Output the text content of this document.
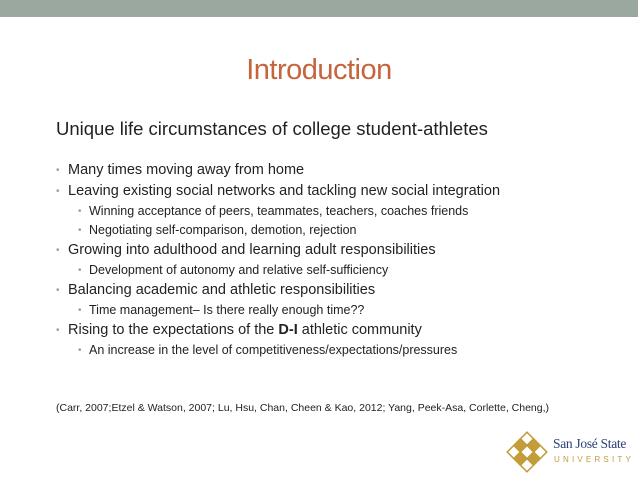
Introduction
Unique life circumstances of college student-athletes
• Many times moving away from home
• Leaving existing social networks and tackling new social integration
• Winning acceptance of peers, teammates, teachers, coaches friends
• Negotiating self-comparison, demotion, rejection
• Growing into adulthood and learning adult responsibilities
• Development of autonomy and relative self-sufficiency
• Balancing academic and athletic responsibilities
• Time management– Is there really enough time??
• Rising to the expectations of the D-I athletic community
• An increase in the level of competitiveness/expectations/pressures
(Carr, 2007;Etzel & Watson, 2007; Lu, Hsu, Chan, Cheen & Kao, 2012; Yang, Peek-Asa, Corlette, Cheng,)
San José State
UNIVERSITY
